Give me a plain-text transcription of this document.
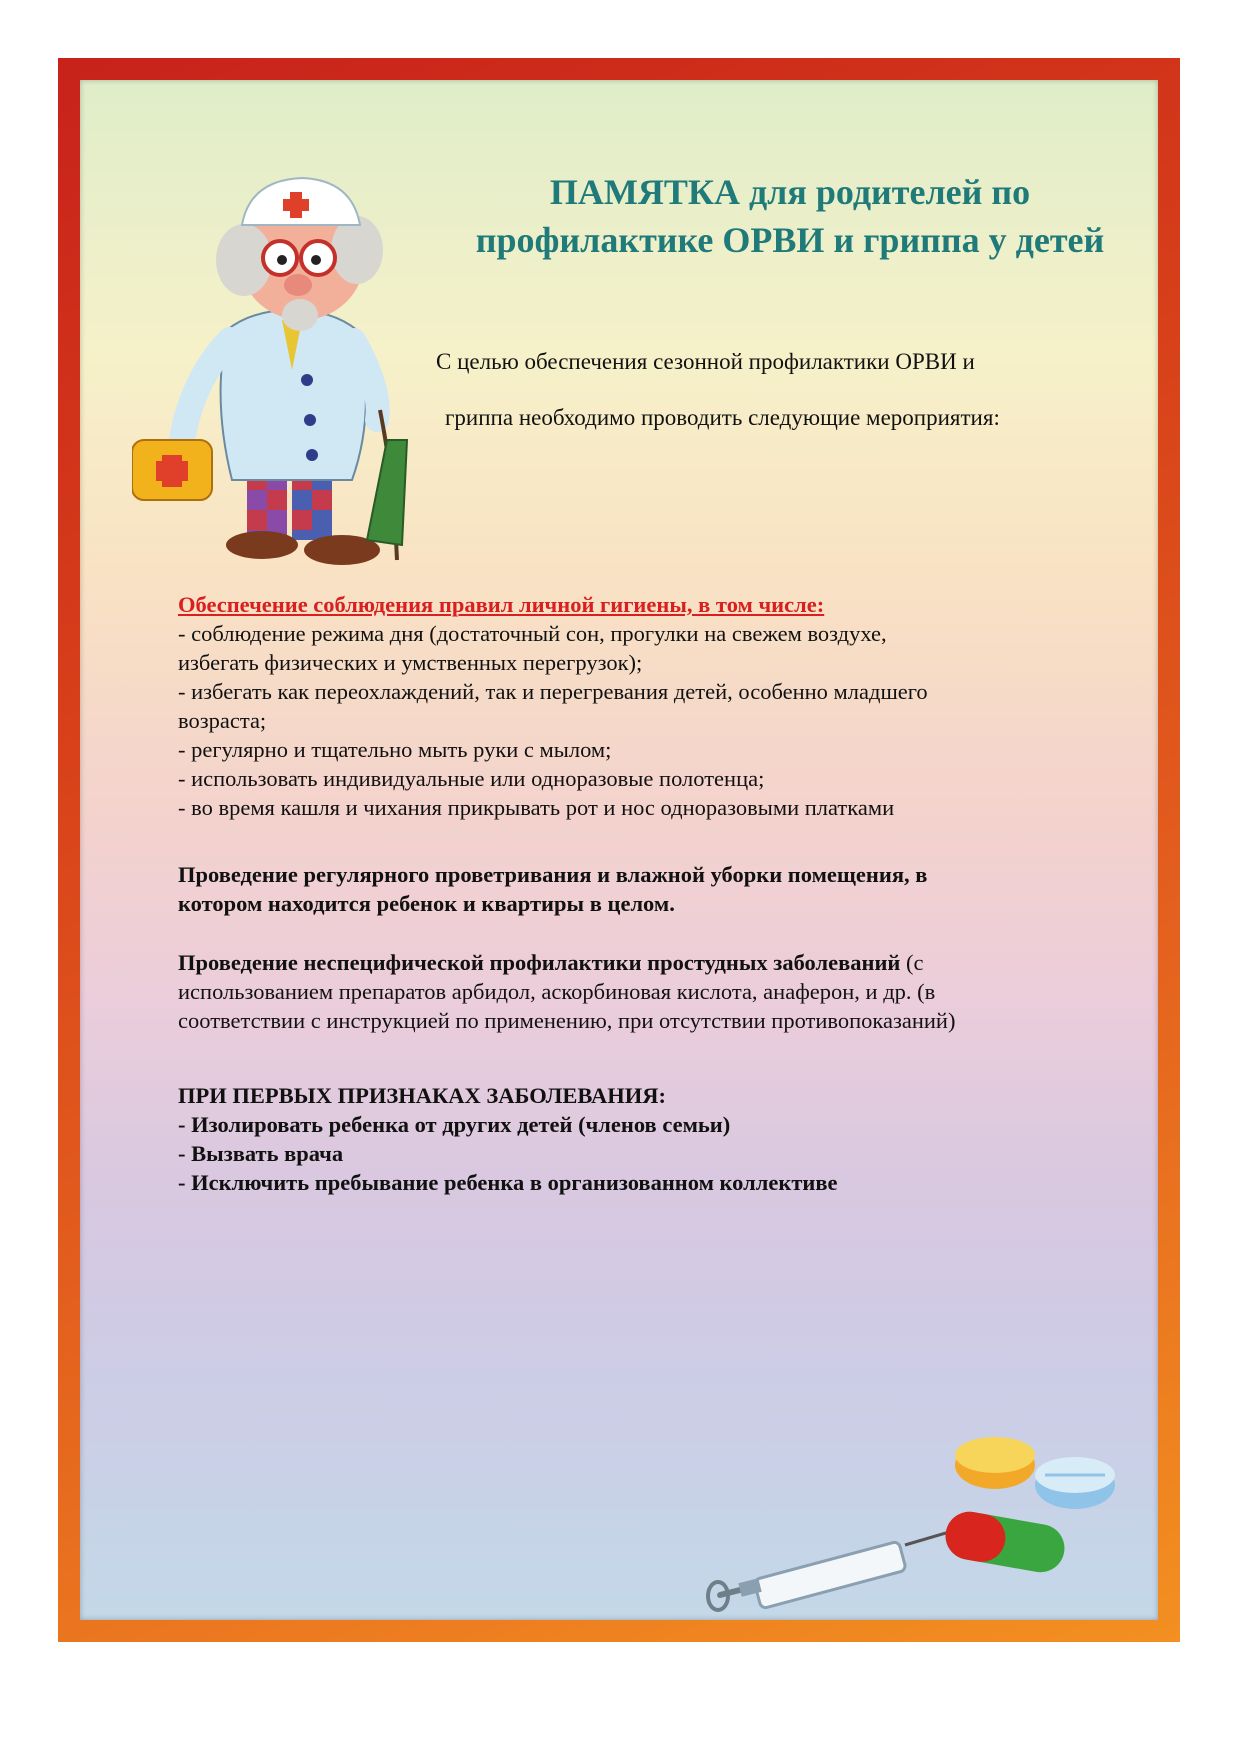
ПАМЯТКА для родителей по
профилактике ОРВИ и гриппа у детей
С целью обеспечения сезонной профилактики ОРВИ и
гриппа необходимо проводить следующие мероприятия:
Обеспечение соблюдения правил личной гигиены, в том числе:
- соблюдение режима дня (достаточный сон, прогулки на свежем воздухе,
избегать физических и умственных перегрузок);
- избегать как переохлаждений, так и перегревания детей, особенно младшего
возраста;
- регулярно и тщательно мыть руки с мылом;
- использовать индивидуальные или одноразовые полотенца;
- во время кашля и чихания прикрывать рот и нос одноразовыми платками
Проведение регулярного проветривания и влажной уборки помещения, в
котором находится ребенок и квартиры в целом.
Проведение неспецифической профилактики простудных заболеваний (с
использованием препаратов арбидол, аскорбиновая кислота, анаферон, и др. (в
соответствии с инструкцией по применению, при отсутствии противопоказаний)
ПРИ ПЕРВЫХ ПРИЗНАКАХ ЗАБОЛЕВАНИЯ:
- Изолировать ребенка от других детей (членов семьи)
- Вызвать врача
- Исключить пребывание ребенка в организованном коллективе
